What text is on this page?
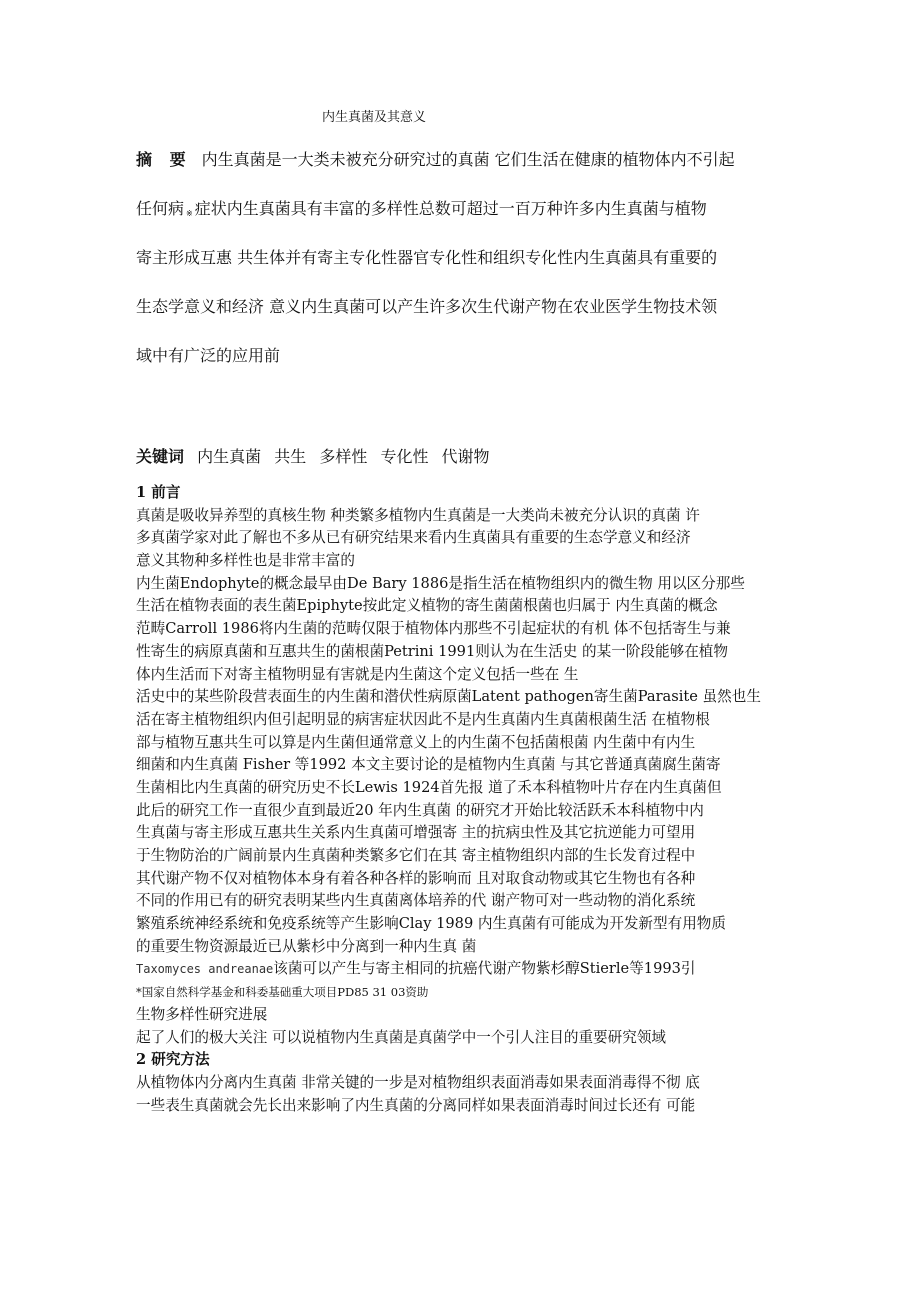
内生真菌及其意义
摘 要 内生真菌是一大类未被充分研究过的真菌 它们生活在健康的植物体内不引起
任何病 ※ 症状内生真菌具有丰富的多样性总数可超过一百万种许多内生真菌与植物
寄主形成互惠 共生体并有寄主专化性器官专化性和组织专化性内生真菌具有重要的
生态学意义和经济 意义内生真菌可以产生许多次生代谢产物在农业医学生物技术领
域中有广泛的应用前
关键词 内生真菌 共生 多样性 专化性 代谢物
1 前言
真菌是吸收异养型的真核生物 种类繁多植物内生真菌是一大类尚未被充分认识的真菌 许
多真菌学家对此了解也不多从已有研究结果来看内生真菌具有重要的生态学意义和经济
意义其物种多样性也是非常丰富的
内生菌Endophyte的概念最早由De Bary 1886是指生活在植物组织内的微生物 用以区分那些
生活在植物表面的表生菌Epiphyte按此定义植物的寄生菌菌根菌也归属于 内生真菌的概念
范畴Carroll 1986将内生菌的范畴仅限于植物体内那些不引起症状的有机 体不包括寄生与兼
性寄生的病原真菌和互惠共生的菌根菌Petrini 1991则认为在生活史 的某一阶段能够在植物
体内生活而下对寄主植物明显有害就是内生菌这个定义包括一些在 生
活史中的某些阶段营表面生的内生菌和潜伏性病原菌Latent pathogen寄生菌Parasite 虽然也生
活在寄主植物组织内但引起明显的病害症状因此不是内生真菌内生真菌根菌生活 在植物根
部与植物互惠共生可以算是内生菌但通常意义上的内生菌不包括菌根菌 内生菌中有内生
细菌和内生真菌 Fisher 等1992 本文主要讨论的是植物内生真菌 与其它普通真菌腐生菌寄
生菌相比内生真菌的研究历史不长Lewis 1924首先报 道了禾本科植物叶片存在内生真菌但
此后的研究工作一直很少直到最近20 年内生真菌 的研究才开始比较活跃禾本科植物中内
生真菌与寄主形成互惠共生关系内生真菌可增强寄 主的抗病虫性及其它抗逆能力可望用
于生物防治的广阔前景内生真菌种类繁多它们在其 寄主植物组织内部的生长发育过程中
其代谢产物不仅对植物体本身有着各种各样的影响而 且对取食动物或其它生物也有各种
不同的作用已有的研究表明某些内生真菌离体培养的代 谢产物可对一些动物的消化系统
繁殖系统神经系统和免疫系统等产生影响Clay 1989 内生真菌有可能成为开发新型有用物质
的重要生物资源最近已从紫杉中分离到一种内生真 菌
Taxomyces andreanae该菌可以产生与寄主相同的抗癌代谢产物紫杉醇Stierle等1993引
*国家自然科学基金和科委基础重大项目PD85 31 03资助
生物多样性研究进展
起了人们的极大关注 可以说植物内生真菌是真菌学中一个引人注目的重要研究领域
2 研究方法
从植物体内分离内生真菌 非常关键的一步是对植物组织表面消毒如果表面消毒得不彻 底
一些表生真菌就会先长出来影响了内生真菌的分离同样如果表面消毒时间过长还有 可能
